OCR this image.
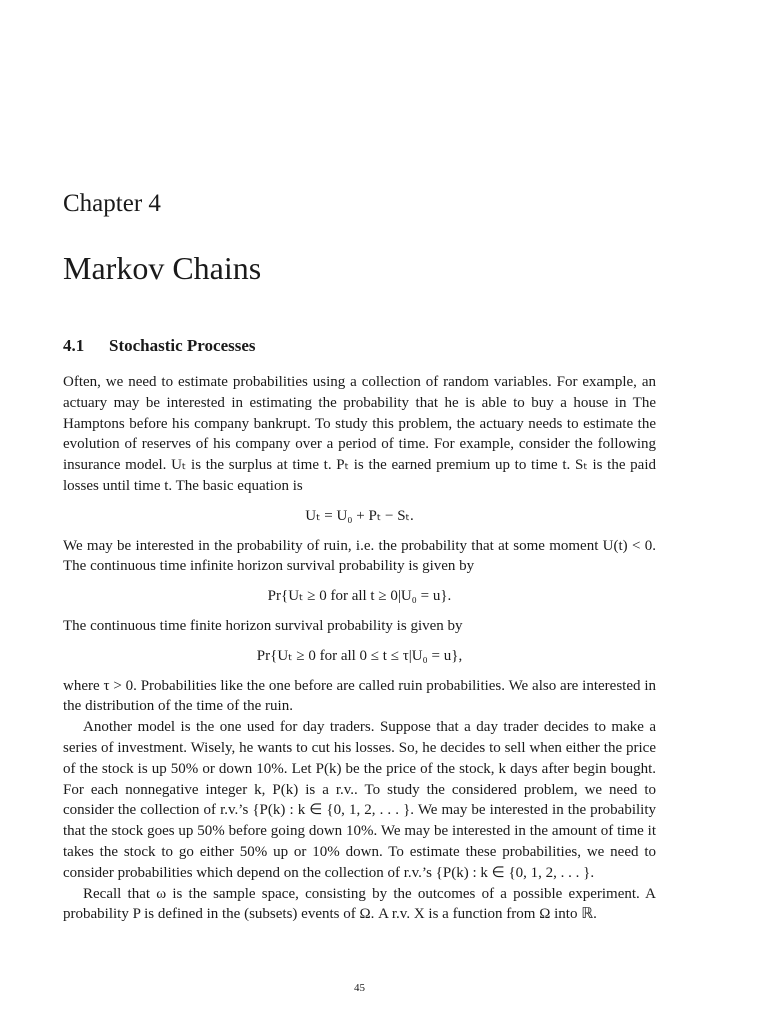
Chapter 4
Markov Chains
4.1 Stochastic Processes

Often, we need to estimate probabilities using a collection of random variables. For example, an actuary may be interested in estimating the probability that he is able to buy a house in The Hamptons before his company bankrupt. To study this problem, the actuary needs to estimate the evolution of reserves of his company over a period of time. For example, consider the following insurance model. Uₜ is the surplus at time t. Pₜ is the earned premium up to time t. Sₜ is the paid losses until time t. The basic equation is

Uₜ = U₀ + Pₜ − Sₜ.

We may be interested in the probability of ruin, i.e. the probability that at some moment U(t) < 0. The continuous time infinite horizon survival probability is given by

Pr{Uₜ ≥ 0 for all t ≥ 0|U₀ = u}.

The continuous time finite horizon survival probability is given by

Pr{Uₜ ≥ 0 for all 0 ≤ t ≤ τ|U₀ = u},

where τ > 0. Probabilities like the one before are called ruin probabilities. We also are interested in the distribution of the time of the ruin.

Another model is the one used for day traders. Suppose that a day trader decides to make a series of investment. Wisely, he wants to cut his losses. So, he decides to sell when either the price of the stock is up 50% or down 10%. Let P(k) be the price of the stock, k days after begin bought. For each nonnegative integer k, P(k) is a r.v.. To study the considered problem, we need to consider the collection of r.v.’s {P(k) : k ∈ {0, 1, 2, . . . }. We may be interested in the probability that the stock goes up 50% before going down 10%. We may be interested in the amount of time it takes the stock to go either 50% up or 10% down. To estimate these probabilities, we need to consider probabilities which depend on the collection of r.v.’s {P(k) : k ∈ {0, 1, 2, . . . }.

Recall that ω is the sample space, consisting by the outcomes of a possible experiment. A probability P is defined in the (subsets) events of Ω. A r.v. X is a function from Ω into ℝ.

45
